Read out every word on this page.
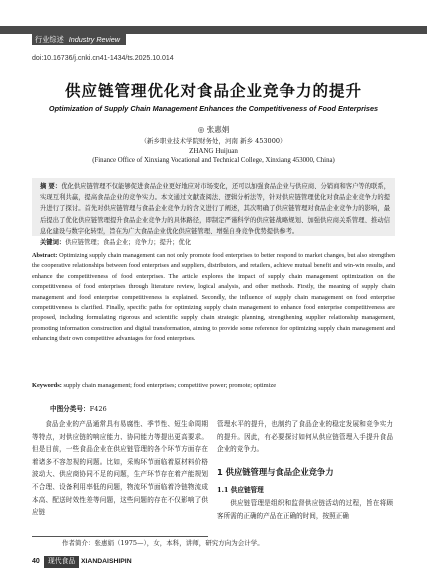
行业综述 Industry Review
doi:10.16736/j.cnki.cn41-1434/ts.2025.10.014
供应链管理优化对食品企业竞争力的提升
Optimization of Supply Chain Management Enhances the Competitiveness of Food Enterprises
◎ 张惠娟
（新乡职业技术学院财务处，河南 新乡 453000）
ZHANG Huijuan
(Finance Office of Xinxiang Vocational and Technical College, Xinxiang 453000, China)
摘 要：优化供应链管理不仅能够促进食品企业更好地应对市场变化，还可以加强食品企业与供应商、分销商和客户等的联系，实现互利共赢，提高食品企业的竞争实力。本文通过文献查阅法、逻辑分析法等，针对供应链管理优化对食品企业竞争力的提升进行了探讨。首先对供应链管理与食品企业竞争力的含义进行了阐述，其次明确了供应链管理对食品企业竞争力的影响，最后提出了优化供应链管理提升食品企业竞争力的具体路径，即制定严谨科学的供应链战略规划、加强供应商关系管理、推动信息化建设与数字化转型，旨在为广大食品企业优化供应链管理、增强自身竞争优势提供参考。
关键词：供应链管理；食品企业；竞争力；提升；优化
Abstract: Optimizing supply chain management can not only promote food enterprises to better respond to market changes, but also strengthen the cooperative relationships between food enterprises and suppliers, distributors, and retailers, achieve mutual benefit and win-win results, and enhance the competitiveness of food enterprises. The article explores the impact of supply chain management optimization on the competitiveness of food enterprises through literature review, logical analysis, and other methods. Firstly, the meaning of supply chain management and food enterprise competitiveness is explained. Secondly, the influence of supply chain management on food enterprise competitiveness is clarified. Finally, specific paths for optimizing supply chain management to enhance food enterprise competitiveness are proposed, including formulating rigorous and scientific supply chain strategic planning, strengthening supplier relationship management, promoting information construction and digital transformation, aiming to provide some reference for optimizing supply chain management and enhancing their own competitive advantages for food enterprises.
Keywords: supply chain management; food enterprises; competitive power; promote; optimize
中图分类号：F426
食品企业的产品通常具有易腐性、季节性、短生命周期等特点，对供应链的响应能力、协同能力等提出更高要求。但是目前，一些食品企业在供应链管理的各个环节方面存在着诸多不容忽视的问题。比如，采购环节面临着原材料价格波动大、供应商协同不足的问题，生产环节存在着产能规划不合理、设备利用率低的问题，物流环节面临着冷链物流成本高、配送时效性差等问题，这些问题的存在不仅影响了供应链
管理水平的提升，也制约了食品企业的稳定发展和竞争实力的提升。因此，有必要探讨如何从供应链管理入手提升食品企业的竞争力。
1 供应链管理与食品企业竞争力
1.1 供应链管理
供应链管理是组织和监督供应链活动的过程，旨在将顾客所需的正确的产品在正确的时间，按照正确
作者简介：张惠娟（1975—），女，本科，讲师，研究方向为会计学。
40	现代食品 XIANDAISHIPIN
